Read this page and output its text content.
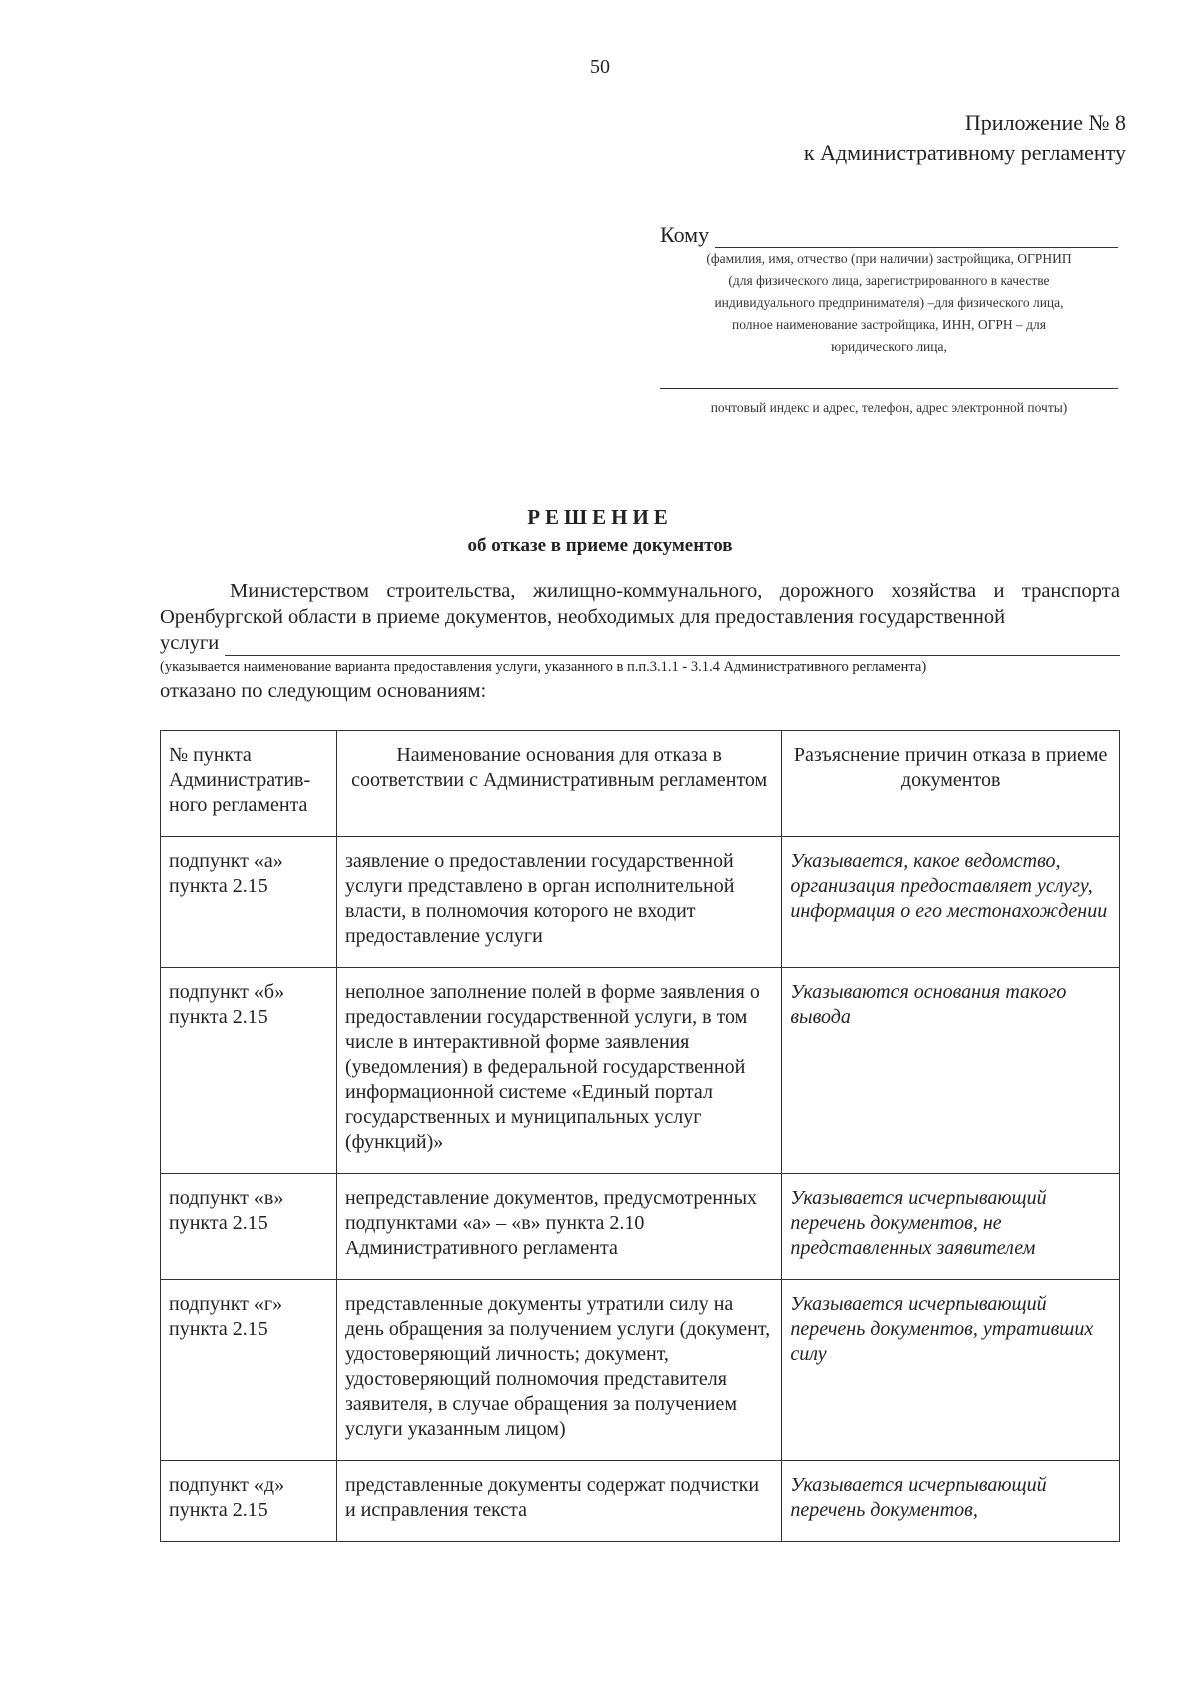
50
Приложение № 8
к Административному регламенту
Кому
(фамилия, имя, отчество (при наличии) застройщика, ОГРНИП
(для физического лица, зарегистрированного в качестве
индивидуального предпринимателя) –для физического лица,
полное наименование застройщика, ИНН, ОГРН – для
юридического лица,
почтовый индекс и адрес, телефон, адрес электронной почты)
РЕШЕНИЕ
об отказе в приеме документов
Министерством строительства, жилищно-коммунального, дорожного хозяйства и транспорта Оренбургской области в приеме документов, необходимых для предоставления государственной
услуги
(указывается наименование варианта предоставления услуги, указанного в п.п.3.1.1 - 3.1.4 Административного регламента)
отказано по следующим основаниям:
№ пункта Административ-ного регламента	Наименование основания для отказа в соответствии с Административным регламентом	Разъяснение причин отказа в приеме документов
подпункт «а» пункта 2.15	заявление о предоставлении государственной услуги представлено в орган исполнительной власти, в полномочия которого не входит предоставление услуги	Указывается, какое ведомство, организация предоставляет услугу, информация о его местонахождении
подпункт «б» пункта 2.15	неполное заполнение полей в форме заявления о предоставлении государственной услуги, в том числе в интерактивной форме заявления (уведомления) в федеральной государственной информационной системе «Единый портал государственных и муниципальных услуг (функций)»	Указываются основания такого вывода
подпункт «в» пункта 2.15	непредставление документов, предусмотренных подпунктами «а» – «в» пункта 2.10 Административного регламента	Указывается исчерпывающий перечень документов, не представленных заявителем
подпункт «г» пункта 2.15	представленные документы утратили силу на день обращения за получением услуги (документ, удостоверяющий личность; документ, удостоверяющий полномочия представителя заявителя, в случае обращения за получением услуги указанным лицом)	Указывается исчерпывающий перечень документов, утративших силу
подпункт «д» пункта 2.15	представленные документы содержат подчистки и исправления текста	Указывается исчерпывающий перечень документов,
